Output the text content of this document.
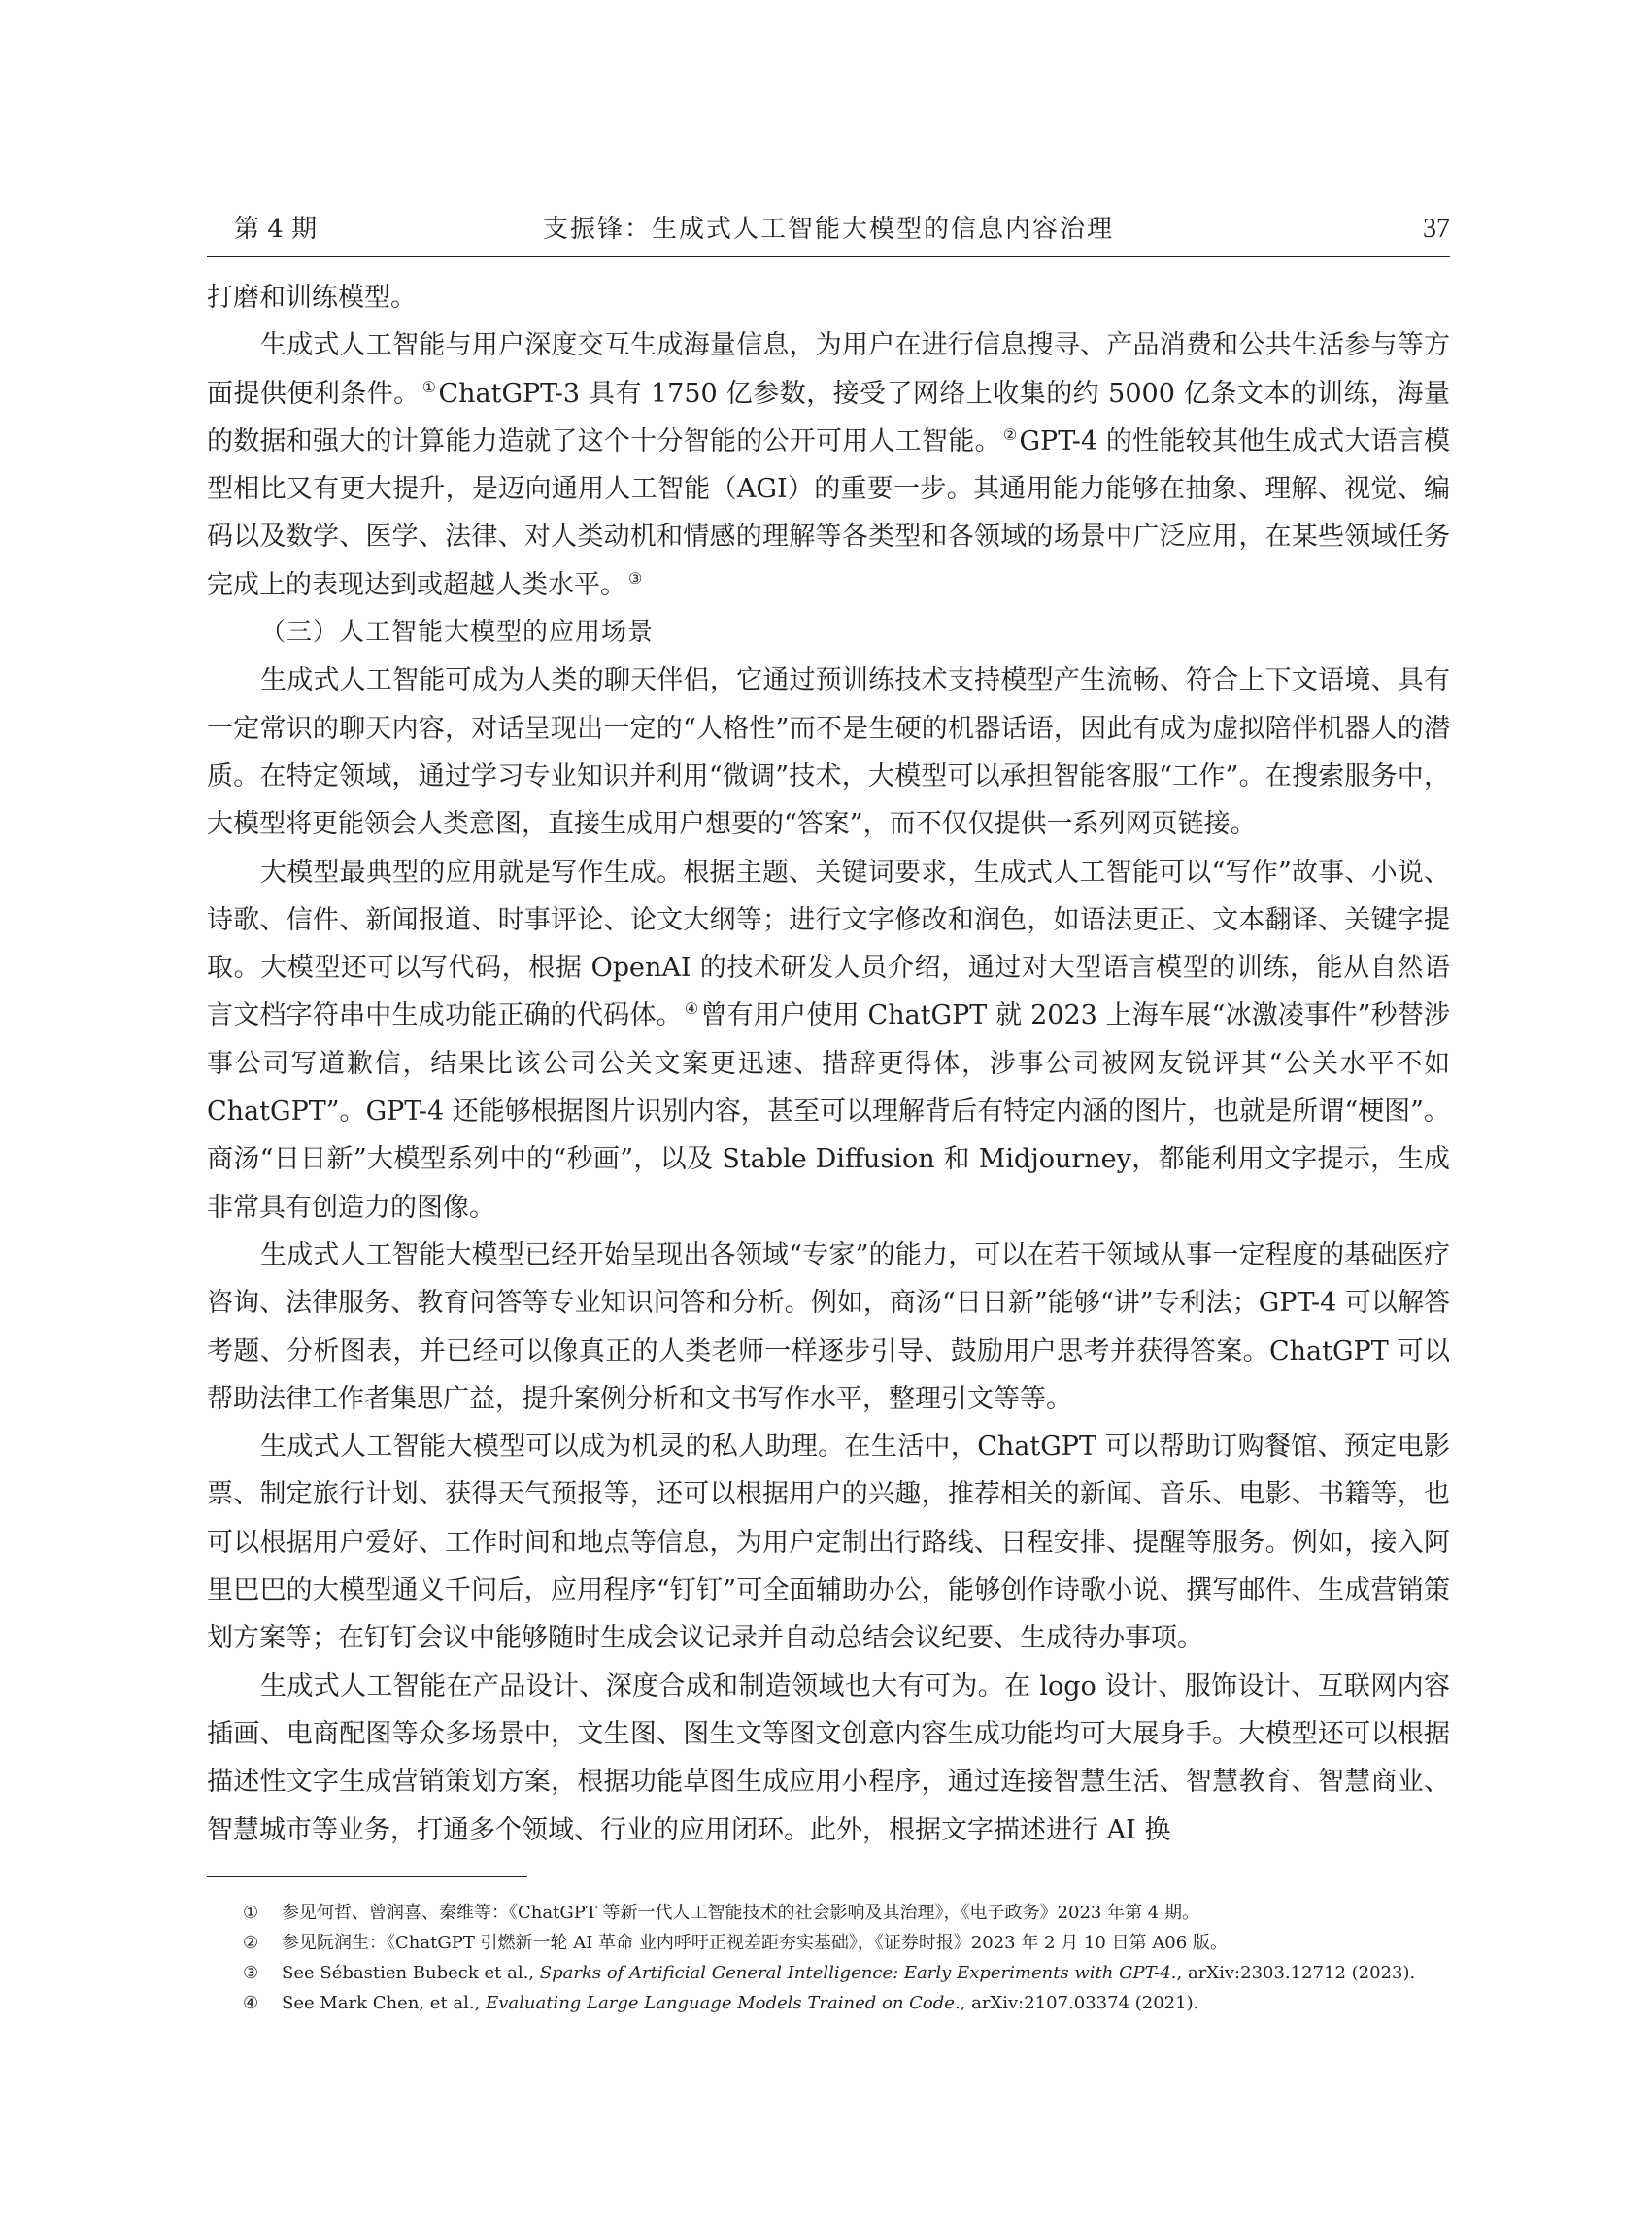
第 4 期	支振锋：生成式人工智能大模型的信息内容治理	37

打磨和训练模型。

生成式人工智能与用户深度交互生成海量信息，为用户在进行信息搜寻、产品消费和公共生活参与等方面提供便利条件。 ①ChatGPT-3 具有 1750 亿参数，接受了网络上收集的约 5000 亿条文本的训练，海量的数据和强大的计算能力造就了这个十分智能的公开可用人工智能。 ②GPT-4 的性能较其他生成式大语言模型相比又有更大提升，是迈向通用人工智能（AGI）的重要一步。其通用能力能够在抽象、理解、视觉、编码以及数学、医学、法律、对人类动机和情感的理解等各类型和各领域的场景中广泛应用，在某些领域任务完成上的表现达到或超越人类水平。 ③

（三）人工智能大模型的应用场景

生成式人工智能可成为人类的聊天伴侣，它通过预训练技术支持模型产生流畅、符合上下文语境、具有一定常识的聊天内容，对话呈现出一定的“人格性”而不是生硬的机器话语，因此有成为虚拟陪伴机器人的潜质。在特定领域，通过学习专业知识并利用“微调”技术，大模型可以承担智能客服“工作”。在搜索服务中，大模型将更能领会人类意图，直接生成用户想要的“答案”，而不仅仅提供一系列网页链接。

大模型最典型的应用就是写作生成。根据主题、关键词要求，生成式人工智能可以“写作”故事、小说、诗歌、信件、新闻报道、时事评论、论文大纲等；进行文字修改和润色，如语法更正、文本翻译、关键字提取。大模型还可以写代码，根据 OpenAI 的技术研发人员介绍，通过对大型语言模型的训练，能从自然语言文档字符串中生成功能正确的代码体。 ④曾有用户使用 ChatGPT 就 2023 上海车展“冰激凌事件”秒替涉事公司写道歉信，结果比该公司公关文案更迅速、措辞更得体，涉事公司被网友锐评其“公关水平不如 ChatGPT”。GPT-4 还能够根据图片识别内容，甚至可以理解背后有特定内涵的图片，也就是所谓“梗图”。商汤“日日新”大模型系列中的“秒画”，以及 Stable Diffusion 和 Midjourney，都能利用文字提示，生成非常具有创造力的图像。

生成式人工智能大模型已经开始呈现出各领域“专家”的能力，可以在若干领域从事一定程度的基础医疗咨询、法律服务、教育问答等专业知识问答和分析。例如，商汤“日日新”能够“讲”专利法；GPT-4 可以解答考题、分析图表，并已经可以像真正的人类老师一样逐步引导、鼓励用户思考并获得答案。ChatGPT 可以帮助法律工作者集思广益，提升案例分析和文书写作水平，整理引文等等。

生成式人工智能大模型可以成为机灵的私人助理。在生活中，ChatGPT 可以帮助订购餐馆、预定电影票、制定旅行计划、获得天气预报等，还可以根据用户的兴趣，推荐相关的新闻、音乐、电影、书籍等，也可以根据用户爱好、工作时间和地点等信息，为用户定制出行路线、日程安排、提醒等服务。例如，接入阿里巴巴的大模型通义千问后，应用程序“钉钉”可全面辅助办公，能够创作诗歌小说、撰写邮件、生成营销策划方案等；在钉钉会议中能够随时生成会议记录并自动总结会议纪要、生成待办事项。

生成式人工智能在产品设计、深度合成和制造领域也大有可为。在 logo 设计、服饰设计、互联网内容插画、电商配图等众多场景中，文生图、图生文等图文创意内容生成功能均可大展身手。大模型还可以根据描述性文字生成营销策划方案，根据功能草图生成应用小程序，通过连接智慧生活、智慧教育、智慧商业、智慧城市等业务，打通多个领域、行业的应用闭环。此外，根据文字描述进行 AI 换

① 参见何哲、曾润喜、秦维等：《ChatGPT 等新一代人工智能技术的社会影响及其治理》，《电子政务》2023 年第 4 期。
② 参见阮润生：《ChatGPT 引燃新一轮 AI 革命 业内呼吁正视差距夯实基础》，《证券时报》2023 年 2 月 10 日第 A06 版。
③ See Sébastien Bubeck et al., Sparks of Artificial General Intelligence: Early Experiments with GPT-4., arXiv:2303.12712 (2023).
④ See Mark Chen, et al., Evaluating Large Language Models Trained on Code., arXiv:2107.03374 (2021).
